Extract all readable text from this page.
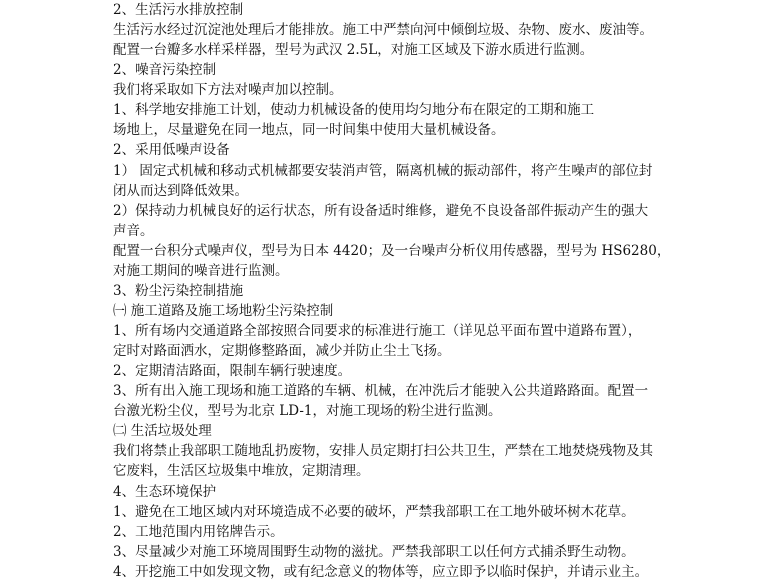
2、生活污水排放控制
生活污水经过沉淀池处理后才能排放。施工中严禁向河中倾倒垃圾、杂物、废水、废油等。
配置一台瓣多水样采样器，型号为武汉 2.5L，对施工区域及下游水质进行监测。
2、噪音污染控制
我们将采取如下方法对噪声加以控制。
1、科学地安排施工计划，使动力机械设备的使用均匀地分布在限定的工期和施工
场地上，尽量避免在同一地点，同一时间集中使用大量机械设备。
2、采用低噪声设备
1） 固定式机械和移动式机械都要安装消声管，隔离机械的振动部件，将产生噪声的部位封
闭从而达到降低效果。
2）保持动力机械良好的运行状态，所有设备适时维修，避免不良设备部件振动产生的强大
声音。
配置一台积分式噪声仪，型号为日本 4420；及一台噪声分析仪用传感器，型号为 HS6280，
对施工期间的噪音进行监测。
3、粉尘污染控制措施
㈠ 施工道路及施工场地粉尘污染控制
1、所有场内交通道路全部按照合同要求的标准进行施工（详见总平面布置中道路布置），
定时对路面洒水，定期修整路面，减少并防止尘土飞扬。
2、定期清洁路面，限制车辆行驶速度。
3、所有出入施工现场和施工道路的车辆、机械，在冲洗后才能驶入公共道路路面。配置一
台激光粉尘仪，型号为北京 LD-1，对施工现场的粉尘进行监测。
㈡ 生活垃圾处理
我们将禁止我部职工随地乱扔废物，安排人员定期打扫公共卫生，严禁在工地焚烧残物及其
它废料，生活区垃圾集中堆放，定期清理。
4、生态环境保护
1、避免在工地区域内对环境造成不必要的破坏，严禁我部职工在工地外破坏树木花草。
2、工地范围内用铭牌告示。
3、尽量减少对施工环境周围野生动物的滋扰。严禁我部职工以任何方式捕杀野生动物。
4、开挖施工中如发现文物，或有纪念意义的物体等，应立即予以临时保护，并请示业主。
